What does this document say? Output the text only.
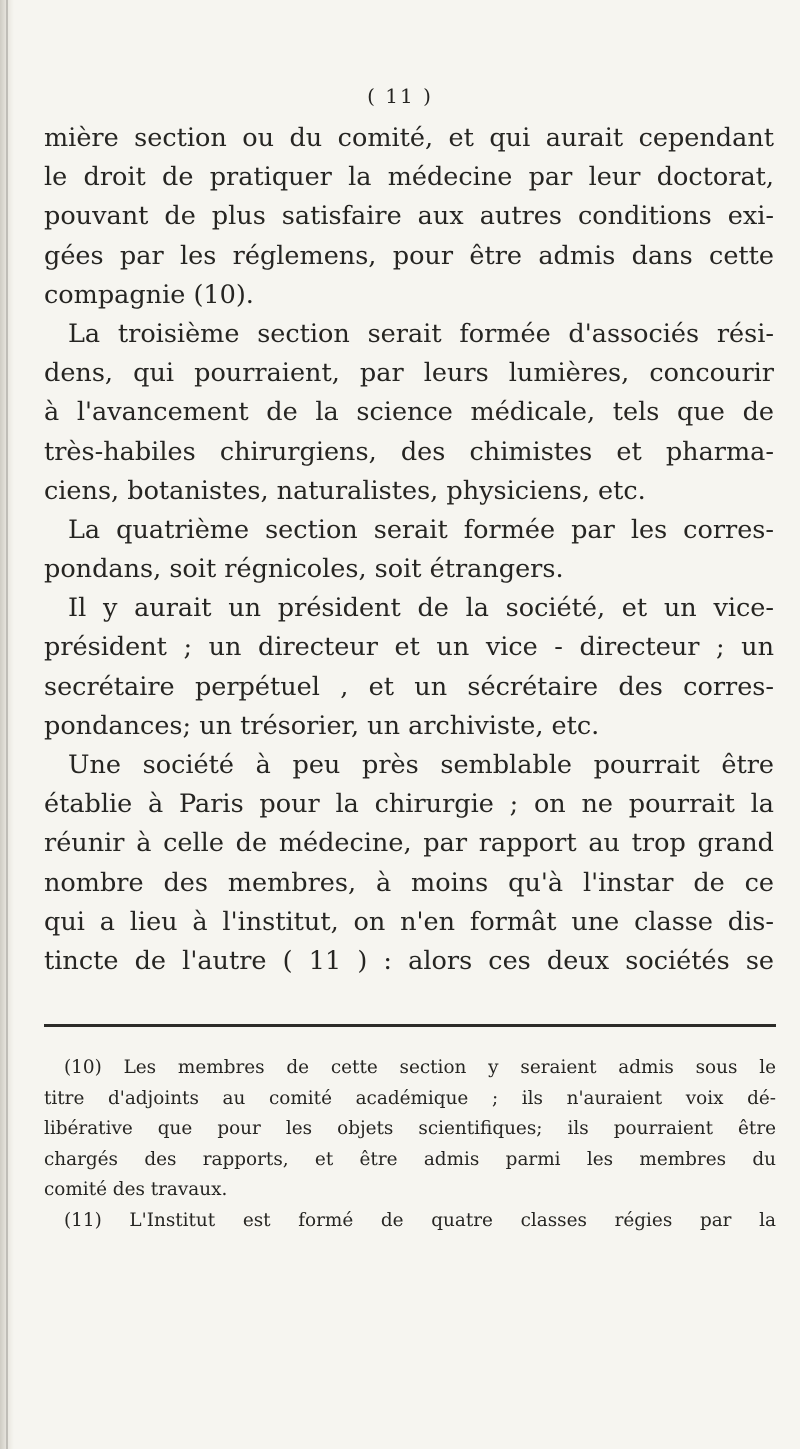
( 11 )
mière section ou du comité, et qui aurait cependant
le droit de pratiquer la médecine par leur doctorat,
pouvant de plus satisfaire aux autres conditions exi-
gées par les réglemens, pour être admis dans cette
compagnie (10).
La troisième section serait formée d'associés rési-
dens, qui pourraient, par leurs lumières, concourir
à l'avancement de la science médicale, tels que de
très-habiles chirurgiens, des chimistes et pharma-
ciens, botanistes, naturalistes, physiciens, etc.
La quatrième section serait formée par les corres-
pondans, soit régnicoles, soit étrangers.
Il y aurait un président de la société, et un vice-
président ; un directeur et un vice - directeur ; un
secrétaire perpétuel , et un sécrétaire des corres-
pondances; un trésorier, un archiviste, etc.
Une société à peu près semblable pourrait être
établie à Paris pour la chirurgie ; on ne pourrait la
réunir à celle de médecine, par rapport au trop grand
nombre des membres, à moins qu'à l'instar de ce
qui a lieu à l'institut, on n'en formât une classe dis-
tincte de l'autre ( 11 ) : alors ces deux sociétés se
(10) Les membres de cette section y seraient admis sous le
titre d'adjoints au comité académique ; ils n'auraient voix dé-
libérative que pour les objets scientifiques; ils pourraient être
chargés des rapports, et être admis parmi les membres du
comité des travaux.
(11) L'Institut est formé de quatre classes régies par la
